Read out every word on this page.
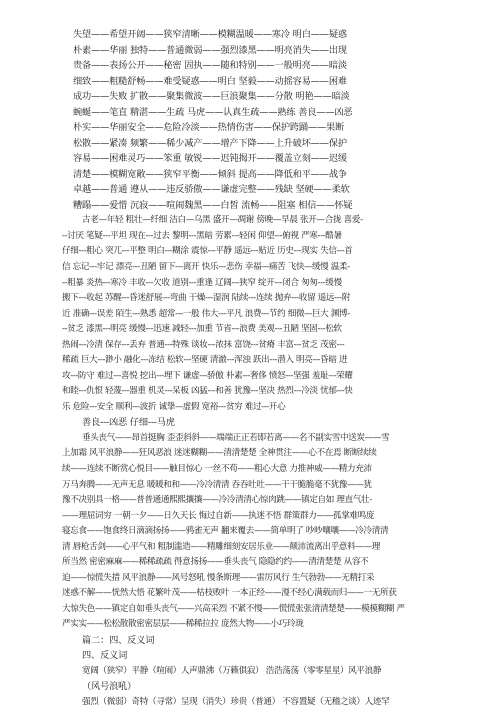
失望——希望开阔——狭窄清晰——模糊温暖——寒冷 明白——疑惑
朴素——华丽 独特——普通微弱——强烈漆黑——明亮消失——出现
贵备——表扬公开——秘密 固执——随和特别——一般明亮——暗淡
细致——粗糙舒畅——难受疑惑——明白 坚毅——动摇容易——困难
成功——失败 扩散——聚集微波——巨浪聚集——分散 明艳——暗淡
蜿蜒——笔直 精湛——生疏 马虎——认真生疏——熟练 善良——凶恶
朴实——华丽安全——危险冷淡——热情伤害——保护跨踊——果断
松散——紧凑 频繁——稀少减产——增产下降——上升破坏——保护
容易——困难灵巧——笨重 敏锐——迟钝揭开——覆盖立刻——迟缓
清楚——模糊宽敞——狭窄平衡——倾斜 提高——降低和平——战争
卓越——普通 遵从——违反骄傲——谦虚完整——残缺 坚硬——柔软
糟蹋——爱惜 沉寂——喧闹魏黑——白皙 流畅——阻塞 相信——怀疑
古老—年轻 粗壮—纤细 洁白—乌黑 盛开—凋谢 傍晚—早晨 张开—合拢 喜爱-
--讨厌 笔疑---平坦 现在---过去 黎明---黑暗 劳累---轻闲 仰望---俯视 严寒---酷暑
仔细---粗心 突兀---平整 明白---糊涂 震惊---平静 遥远---贴近 历史---现实 失信---首
信 忘记---牢记 漂亮---丑陋 留下---离开 快乐---悲伤 幸福---痛苦 飞快---缓慢 温柔-
--粗暴 炎热---寒冷 丰收---欠收 道别---重逢 辽阔---狭窄 绽开---闭合 匆匆---缓慢
搬下---收起 苏醒---昏迷舒展---弯曲 干燥---湿润 陆续---连续 抛弃---收留 遥远---附
近 准确---误差 陌生---熟悉 超常---一般 伟大---平凡 浪费---节约 细微---巨大 渊博-
--贫乏 漆黑---明亮 缓慢---迅速 减轻---加重 节省---浪费 美观---丑陋 坚固---松软
热闹---冷清 保存---丢弃 普通---特殊 谈妆---浓抹 富饶---贫瘠 丰富---贫乏 茂密---
稀疏 巨大---渺小 融化---冻结 松软---坚硬 清澈---浑浊 跃出---潜入 明亮---昏暗 进
攻---防守 难过---喜悦 挖出---埋下 谦虚---骄傲 朴素---奢侈 愤怒---坚强 羞耻---荣耀
和睦---仇恨 轻蔑---器重 机灵---呆板 凶猛---和善 犹豫---坚决 热烈---冷淡 忧郁---快
乐 危险---安全 顺利---波折 诚挚---虚假 宽裕---贫穷 难过---开心
善良---凶恶 仔细---马虎
垂头丧气——昂首挺胸 歪歪斜斜——端端正正若即若离——名不副实雪中送炭——雪
上加霜 风平浪静——狂风恶浪 迷迷糊糊——清清楚楚 全神贯注——心不在焉 断断续续
续——连续不断赏心悦目——触目惊心 一丝不苟——粗心大意 力推神威——精力充沛
万马奔腾——无声无息 暖暖和和——冷冷清清 吞吞吐吐——干干脆脆毫不犹豫——犹
豫不决别具一格——普普通通熙熙攘攘——冷冷清清心惊肉跳——镇定自如 理直气壮-
——理屈词穷 一朝一夕——日久天长 悔过自新——执迷不悟 群策群力——孤掌难鸣庞
寝忘食——饱食终日滴滴扬扬——鸦雀无声 翻来覆去——简单明了 吵吵嚷嚷——冷冷清清
清 唇枪舌剑——心平气和 粗制滥造——精雕细刻安居乐业——颠沛流离出乎意料——理
所当然 密密麻麻——稀稀疏疏 得意扬扬——垂头丧气 隐隐约约——清清楚楚 从容不
迫——惊慌失措 风平浪静——风号怒吼 慢条斯理——雷厉风行 生气勃勃——无精打采
迷惑不解——恍然大悟 花繁叶茂——枯枝败叶 一本正经——漫不经心满载而归——一无所获
大惊失色——镇定自如垂头丧气——兴高采烈 不紧不慢——慌慌张张清清楚楚——模模糊糊 严
严实实——松松散散密密层层——稀稀拉拉 庞然大物——小巧玲珑
篇二：四、反义词
四、反义词
宽阔（狭窄）平静（喧闹）人声鼎沸（万籁俱寂） 浩浩荡荡（零零星星）风平浪静
（风号浪吼）
强烈（微弱）奇特（寻常）呈现（消失）珍贵（普通） 不容置疑（无稽之谈）人迹罕
